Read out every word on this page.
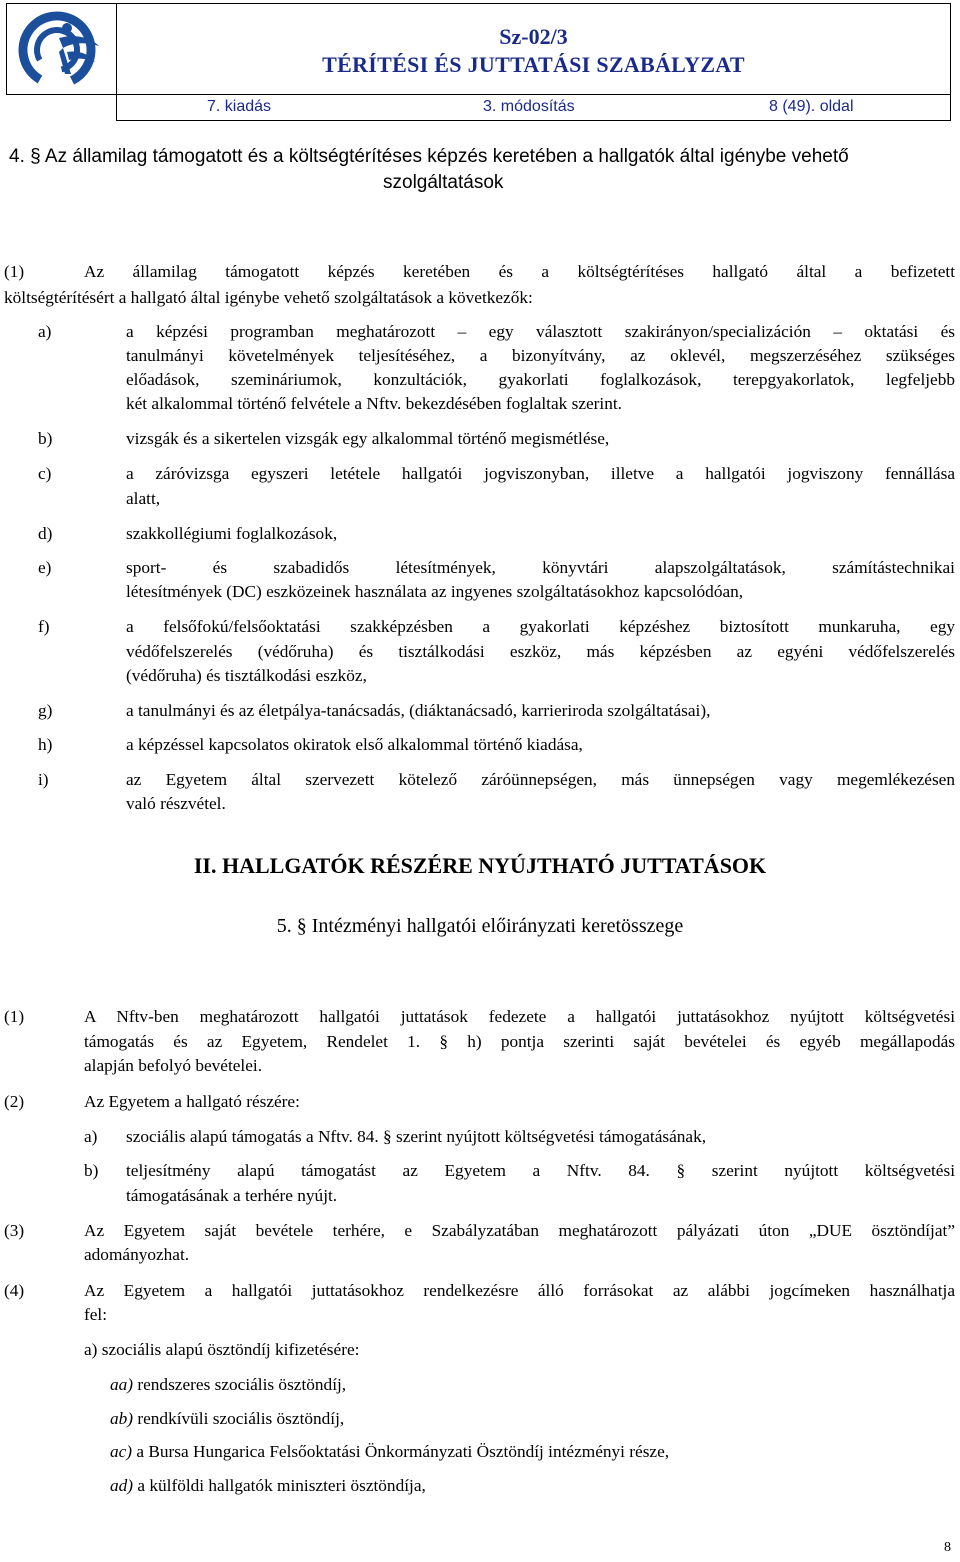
Sz-02/3
TÉRÍTÉSI ÉS JUTTATÁSI SZABÁLYZAT
7. kiadás	3. módosítás	8 (49). oldal
4. § Az államilag támogatott és a költségtérítéses képzés keretében a hallgatók által igénybe vehető
szolgáltatások
(1)	Az államilag támogatott képzés keretében és a költségtérítéses hallgató által a befizetett
költségtérítésért a hallgató által igénybe vehető szolgáltatások a következők:
a)	a képzési programban meghatározott – egy választott szakirányon/specializáción – oktatási és
tanulmányi követelmények teljesítéséhez, a bizonyítvány, az oklevél, megszerzéséhez szükséges
előadások, szemináriumok, konzultációk, gyakorlati foglalkozások, terepgyakorlatok, legfeljebb
két alkalommal történő felvétele a Nftv. bekezdésében foglaltak szerint.
b)	vizsgák és a sikertelen vizsgák egy alkalommal történő megismétlése,
c)	a záróvizsga egyszeri letétele hallgatói jogviszonyban, illetve a hallgatói jogviszony fennállása
alatt,
d)	szakkollégiumi foglalkozások,
e)	sport- és szabadidős létesítmények, könyvtári alapszolgáltatások, számítástechnikai
létesítmények (DC) eszközeinek használata az ingyenes szolgáltatásokhoz kapcsolódóan,
f)	a felsőfokú/felsőoktatási szakképzésben a gyakorlati képzéshez biztosított munkaruha, egy
védőfelszerelés (védőruha) és tisztálkodási eszköz, más képzésben az egyéni védőfelszerelés
(védőruha) és tisztálkodási eszköz,
g)	a tanulmányi és az életpálya-tanácsadás, (diáktanácsadó, karrieriroda szolgáltatásai),
h)	a képzéssel kapcsolatos okiratok első alkalommal történő kiadása,
i)	az Egyetem által szervezett kötelező záróünnepségen, más ünnepségen vagy megemlékezésen
való részvétel.
II. HALLGATÓK RÉSZÉRE NYÚJTHATÓ JUTTATÁSOK
5. § Intézményi hallgatói előirányzati keretösszege
(1)	A Nftv-ben meghatározott hallgatói juttatások fedezete a hallgatói juttatásokhoz nyújtott költségvetési
támogatás és az Egyetem, Rendelet 1. § h) pontja szerinti saját bevételei és egyéb megállapodás
alapján befolyó bevételei.
(2)	Az Egyetem a hallgató részére:
a) szociális alapú támogatás a Nftv. 84. § szerint nyújtott költségvetési támogatásának,
b) teljesítmény alapú támogatást az Egyetem a Nftv. 84. § szerint nyújtott költségvetési
támogatásának a terhére nyújt.
(3)	Az Egyetem saját bevétele terhére, e Szabályzatában meghatározott pályázati úton „DUE ösztöndíjat”
adományozhat.
(4)	Az Egyetem a hallgatói juttatásokhoz rendelkezésre álló forrásokat az alábbi jogcímeken használhatja
fel:
a) szociális alapú ösztöndíj kifizetésére:
aa) rendszeres szociális ösztöndíj,
ab) rendkívüli szociális ösztöndíj,
ac) a Bursa Hungarica Felsőoktatási Önkormányzati Ösztöndíj intézményi része,
ad) a külföldi hallgatók miniszteri ösztöndíja,
8
